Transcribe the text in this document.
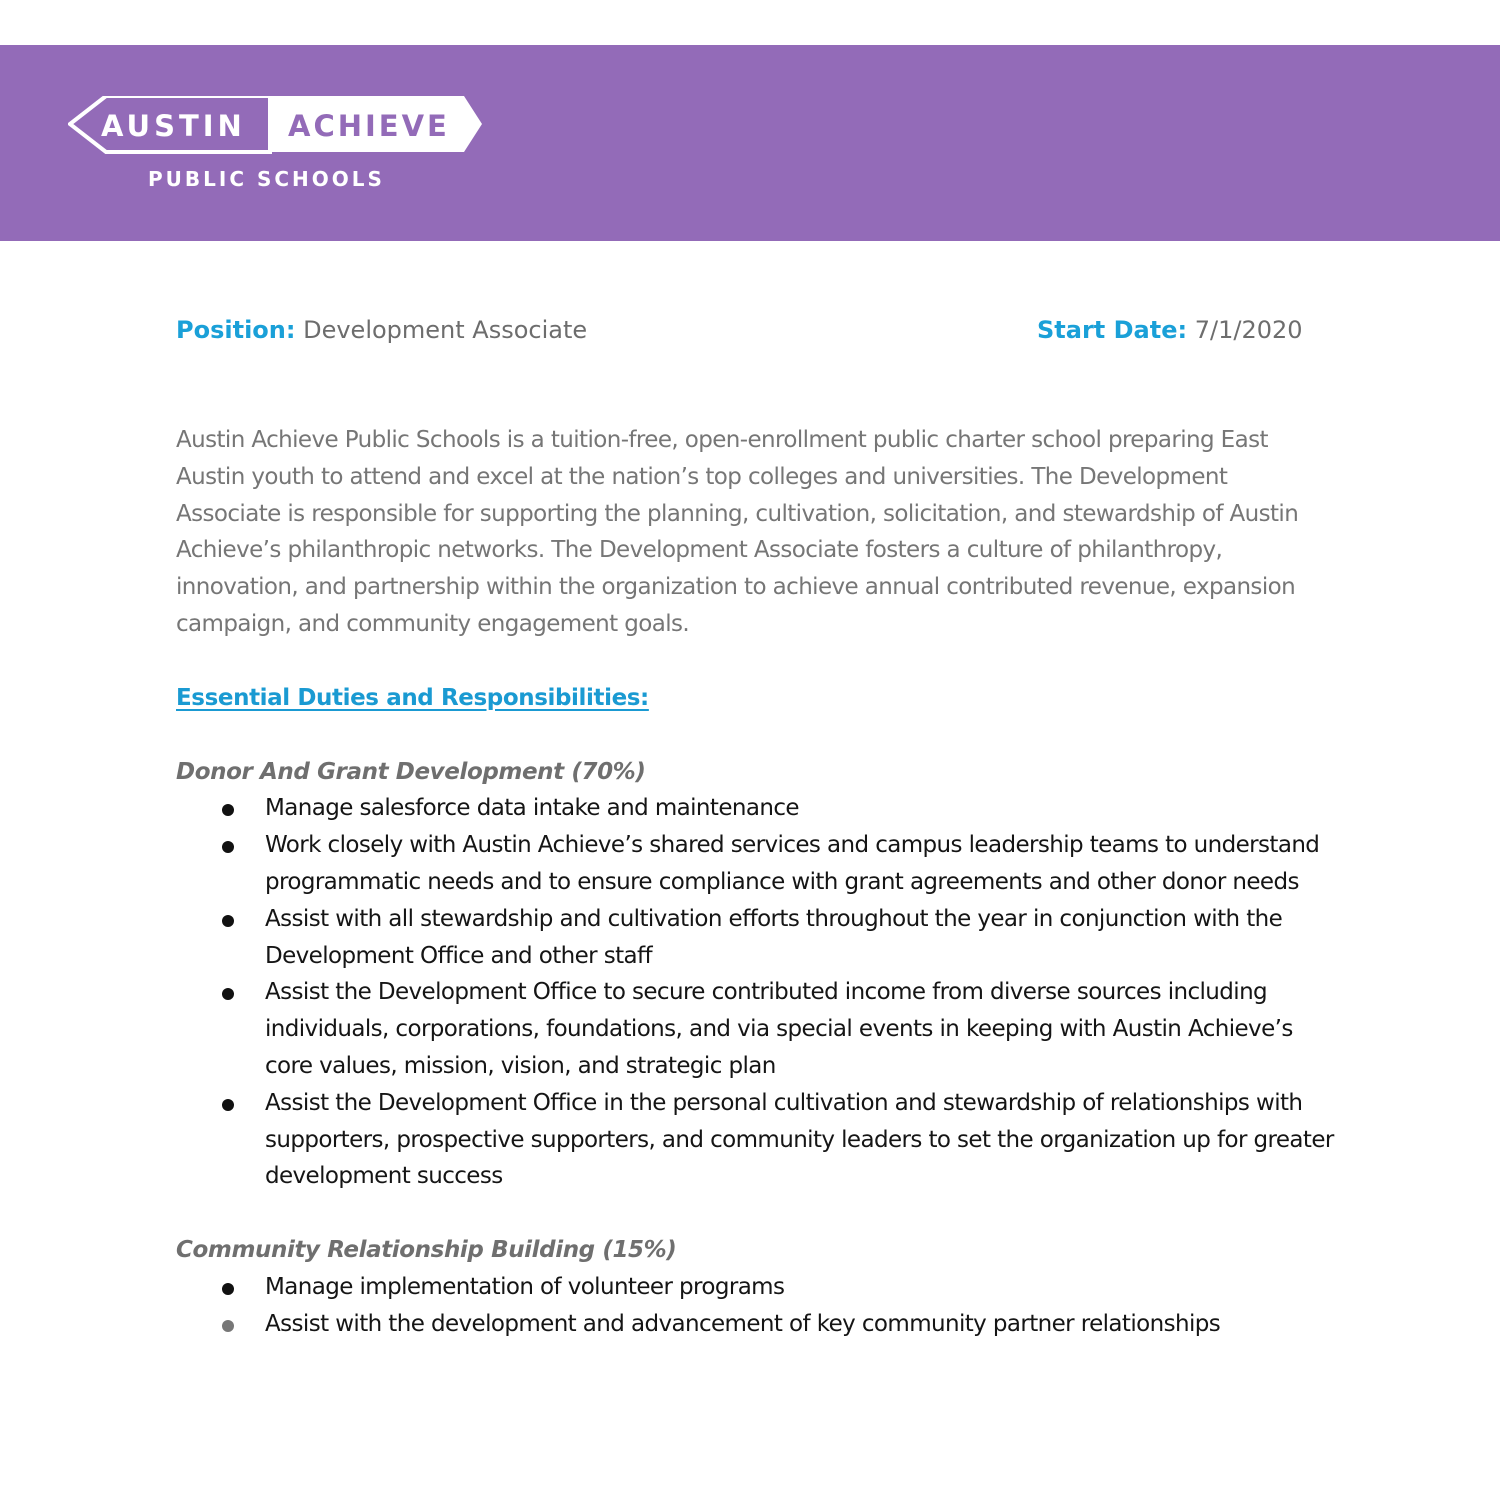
AUSTIN ACHIEVE
PUBLIC SCHOOLS
Position: Development Associate	Start Date: 7/1/2020

Austin Achieve Public Schools is a tuition-free, open-enrollment public charter school preparing East Austin youth to attend and excel at the nation’s top colleges and universities. The Development Associate is responsible for supporting the planning, cultivation, solicitation, and stewardship of Austin Achieve’s philanthropic networks. The Development Associate fosters a culture of philanthropy, innovation, and partnership within the organization to achieve annual contributed revenue, expansion campaign, and community engagement goals.

Essential Duties and Responsibilities:
Donor And Grant Development (70%)
Manage salesforce data intake and maintenance
Work closely with Austin Achieve’s shared services and campus leadership teams to understand programmatic needs and to ensure compliance with grant agreements and other donor needs
Assist with all stewardship and cultivation efforts throughout the year in conjunction with the Development Office and other staff
Assist the Development Office to secure contributed income from diverse sources including individuals, corporations, foundations, and via special events in keeping with Austin Achieve’s core values, mission, vision, and strategic plan
Assist the Development Office in the personal cultivation and stewardship of relationships with supporters, prospective supporters, and community leaders to set the organization up for greater development success
Community Relationship Building (15%)
Manage implementation of volunteer programs
Assist with the development and advancement of key community partner relationships
